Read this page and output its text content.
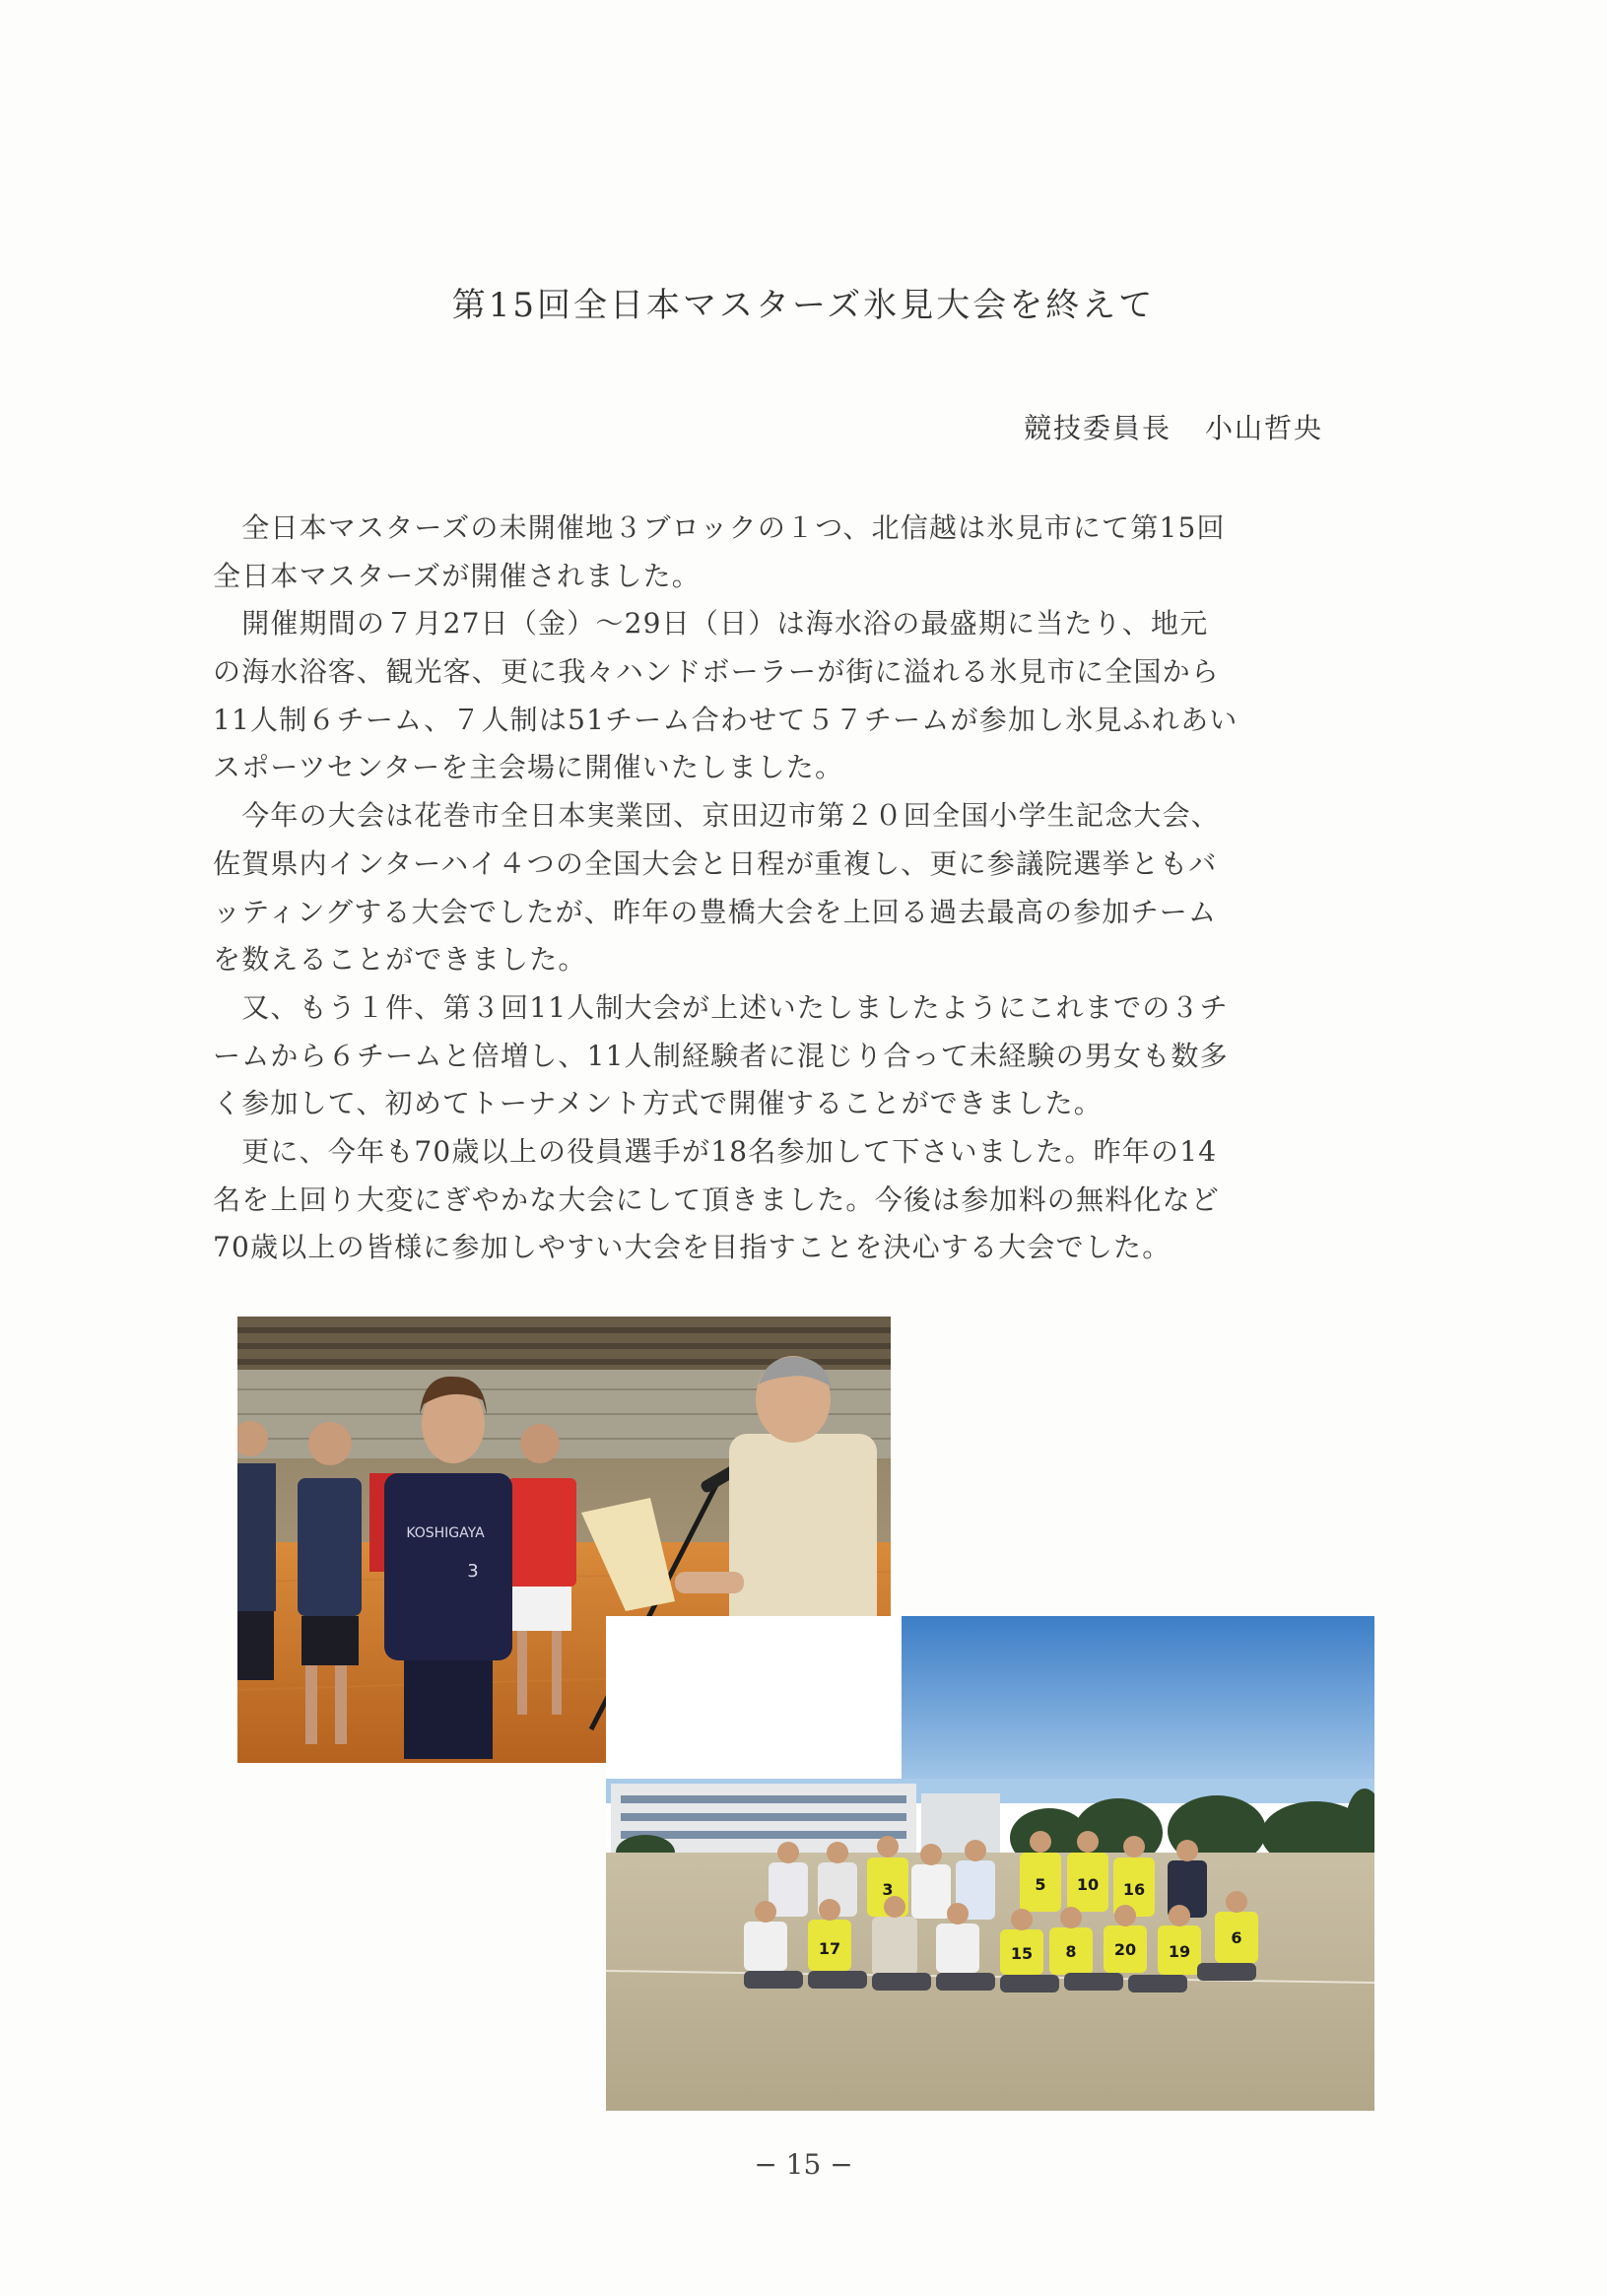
第15回全日本マスターズ氷見大会を終えて
競技委員長 小山哲央
　全日本マスターズの未開催地３ブロックの１つ、北信越は氷見市にて第15回
全日本マスターズが開催されました。
　開催期間の７月27日（金）〜29日（日）は海水浴の最盛期に当たり、地元
の海水浴客、観光客、更に我々ハンドボーラーが街に溢れる氷見市に全国から
11人制６チーム、７人制は51チーム合わせて５７チームが参加し氷見ふれあい
スポーツセンターを主会場に開催いたしました。
　今年の大会は花巻市全日本実業団、京田辺市第２０回全国小学生記念大会、
佐賀県内インターハイ４つの全国大会と日程が重複し、更に参議院選挙ともバ
ッティングする大会でしたが、昨年の豊橋大会を上回る過去最高の参加チーム
を数えることができました。
　又、もう１件、第３回11人制大会が上述いたしましたようにこれまでの３チ
ームから６チームと倍増し、11人制経験者に混じり合って未経験の男女も数多
く参加して、初めてトーナメント方式で開催することができました。
　更に、今年も70歳以上の役員選手が18名参加して下さいました。昨年の14
名を上回り大変にぎやかな大会にして頂きました。今後は参加料の無料化など
70歳以上の皆様に参加しやすい大会を目指すことを決心する大会でした。
KOSHIGAYA
3
3	5 10 16
17	15 8 20 19
6
− 15 −
